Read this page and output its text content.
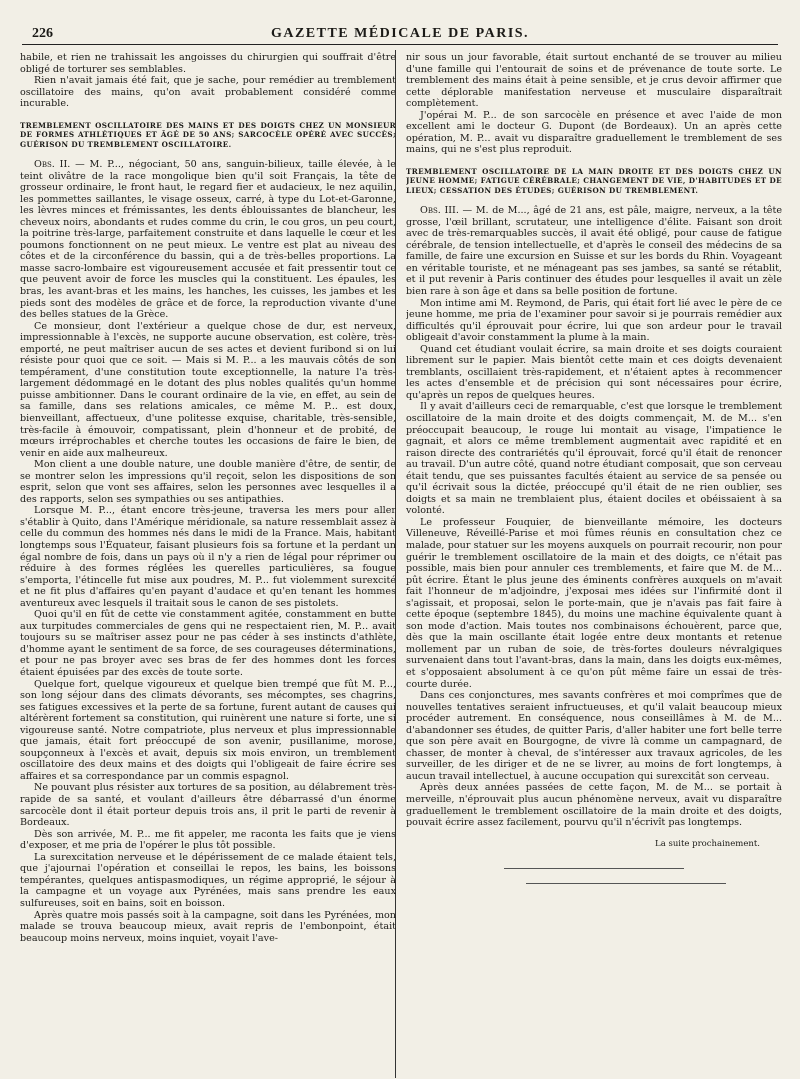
226	GAZETTE MÉDICALE DE PARIS.

habile, et rien ne trahissait les angoisses du chirurgien qui souffrait d'être obligé de torturer ses semblables.

Rien n'avait jamais été fait, que je sache, pour remédier au tremblement oscillatoire des mains, qu'on avait probablement considéré comme incurable.

TREMBLEMENT OSCILLATOIRE DES MAINS ET DES DOIGTS CHEZ UN MONSIEUR DE FORMES ATHLÉTIQUES ET ÂGÉ DE 50 ANS; SARCOCÈLE OPÉRÉ AVEC SUCCÈS; GUÉRISON DU TREMBLEMENT OSCILLATOIRE.

Obs. II. — M. P..., négociant, 50 ans, sanguin-bilieux, taille élevée, à le teint olivâtre de la race mongolique bien qu'il soit Français, la tête de grosseur ordinaire, le front haut, le regard fier et audacieux, le nez aquilin, les pommettes saillantes, le visage osseux, carré, à type du Lot-et-Garonne, les lèvres minces et frémissantes, les dents éblouissantes de blancheur, les cheveux noirs, abondants et rudes comme du crin, le cou gros, un peu court, la poitrine très-large, parfaitement construite et dans laquelle le cœur et les poumons fonctionnent on ne peut mieux. Le ventre est plat au niveau des côtes et de la circonférence du bassin, qui a de très-belles proportions. La masse sacro-lombaire est vigoureusement accusée et fait pressentir tout ce que peuvent avoir de force les muscles qui la constituent. Les épaules, les bras, les avant-bras et les mains, les hanches, les cuisses, les jambes et les pieds sont des modèles de grâce et de force, la reproduction vivante d'une des belles statues de la Grèce.

Ce monsieur, dont l'extérieur a quelque chose de dur, est nerveux, impressionnable à l'excès, ne supporte aucune observation, est colère, très-emporté, ne peut maîtriser aucun de ses actes et devient furibond si on lui résiste pour quoi que ce soit. — Mais si M. P... a les mauvais côtés de son tempérament, d'une constitution toute exceptionnelle, la nature l'a très-largement dédommagé en le dotant des plus nobles qualités qu'un homme puisse ambitionner. Dans le courant ordinaire de la vie, en effet, au sein de sa famille, dans ses relations amicales, ce même M. P... est doux, bienveillant, affectueux, d'une politesse exquise, charitable, très-sensible, très-facile à émouvoir, compatissant, plein d'honneur et de probité, de mœurs irréprochables et cherche toutes les occasions de faire le bien, de venir en aide aux malheureux.

Mon client a une double nature, une double manière d'être, de sentir, de se montrer selon les impressions qu'il reçoit, selon les dispositions de son esprit, selon que vont ses affaires, selon les personnes avec lesquelles il a des rapports, selon ses sympathies ou ses antipathies.

Lorsque M. P..., étant encore très-jeune, traversa les mers pour aller s'établir à Quito, dans l'Amérique méridionale, sa nature ressemblait assez à celle du commun des hommes nés dans le midi de la France. Mais, habitant longtemps sous l'Équateur, faisant plusieurs fois sa fortune et la perdant un égal nombre de fois, dans un pays où il n'y a rien de légal pour réprimer ou réduire à des formes réglées les querelles particulières, sa fougue s'emporta, l'étincelle fut mise aux poudres, M. P... fut violemment surexcité et ne fit plus d'affaires qu'en payant d'audace et qu'en tenant les hommes aventureux avec lesquels il traitait sous le canon de ses pistolets.

Quoi qu'il en fût de cette vie constamment agitée, constamment en butte aux turpitudes commerciales de gens qui ne respectaient rien, M. P... avait toujours su se maîtriser assez pour ne pas céder à ses instincts d'athlète, d'homme ayant le sentiment de sa force, de ses courageuses déterminations, et pour ne pas broyer avec ses bras de fer des hommes dont les forces étaient épuisées par des excès de toute sorte.

Quelque fort, quelque vigoureux et quelque bien trempé que fût M. P..., son long séjour dans des climats dévorants, ses mécomptes, ses chagrins, ses fatigues excessives et la perte de sa fortune, furent autant de causes qui altérèrent fortement sa constitution, qui ruinèrent une nature si forte, une si vigoureuse santé. Notre compatriote, plus nerveux et plus impressionnable que jamais, était fort préoccupé de son avenir, pusillanime, morose, soupçonneux à l'excès et avait, depuis six mois environ, un tremblement oscillatoire des deux mains et des doigts qui l'obligeait de faire écrire ses affaires et sa correspondance par un commis espagnol.

Ne pouvant plus résister aux tortures de sa position, au délabrement très-rapide de sa santé, et voulant d'ailleurs être débarrassé d'un énorme sarcocèle dont il était porteur depuis trois ans, il prit le parti de revenir à Bordeaux.

Dès son arrivée, M. P... me fit appeler, me raconta les faits que je viens d'exposer, et me pria de l'opérer le plus tôt possible.

La surexcitation nerveuse et le dépérissement de ce malade étaient tels, que j'ajournai l'opération et conseillai le repos, les bains, les boissons tempérantes, quelques antispasmodiques, un régime approprié, le séjour à la campagne et un voyage aux Pyrénées, mais sans prendre les eaux sulfureuses, soit en bains, soit en boisson.

Après quatre mois passés soit à la campagne, soit dans les Pyrénées, mon malade se trouva beaucoup mieux, avait repris de l'embonpoint, était beaucoup moins nerveux, moins inquiet, voyait l'ave-

nir sous un jour favorable, était surtout enchanté de se trouver au milieu d'une famille qui l'entourait de soins et de prévenance de toute sorte. Le tremblement des mains était à peine sensible, et je crus devoir affirmer que cette déplorable manifestation nerveuse et musculaire disparaîtrait complètement.

J'opérai M. P... de son sarcocèle en présence et avec l'aide de mon excellent ami le docteur G. Dupont (de Bordeaux). Un an après cette opération, M. P... avait vu disparaître graduellement le tremblement de ses mains, qui ne s'est plus reproduit.

TREMBLEMENT OSCILLATOIRE DE LA MAIN DROITE ET DES DOIGTS CHEZ UN JEUNE HOMME; FATIGUE CÉRÉBRALE; CHANGEMENT DE VIE, D'HABITUDES ET DE LIEUX; CESSATION DES ÉTUDES; GUÉRISON DU TREMBLEMENT.

Obs. III. — M. de M..., âgé de 21 ans, est pâle, maigre, nerveux, a la tête grosse, l'œil brillant, scrutateur, une intelligence d'élite. Faisant son droit avec de très-remarquables succès, il avait été obligé, pour cause de fatigue cérébrale, de tension intellectuelle, et d'après le conseil des médecins de sa famille, de faire une excursion en Suisse et sur les bords du Rhin. Voyageant en véritable touriste, et ne ménageant pas ses jambes, sa santé se rétablit, et il put revenir à Paris continuer des études pour lesquelles il avait un zèle bien rare à son âge et dans sa belle position de fortune.

Mon intime ami M. Reymond, de Paris, qui était fort lié avec le père de ce jeune homme, me pria de l'examiner pour savoir si je pourrais remédier aux difficultés qu'il éprouvait pour écrire, lui que son ardeur pour le travail obligeait d'avoir constamment la plume à la main.

Quand cet étudiant voulait écrire, sa main droite et ses doigts couraient librement sur le papier. Mais bientôt cette main et ces doigts devenaient tremblants, oscillaient très-rapidement, et n'étaient aptes à recommencer les actes d'ensemble et de précision qui sont nécessaires pour écrire, qu'après un repos de quelques heures.

Il y avait d'ailleurs ceci de remarquable, c'est que lorsque le tremblement oscillatoire de la main droite et des doigts commençait, M. de M... s'en préoccupait beaucoup, le rouge lui montait au visage, l'impatience le gagnait, et alors ce même tremblement augmentait avec rapidité et en raison directe des contrariétés qu'il éprouvait, forcé qu'il était de renoncer au travail. D'un autre côté, quand notre étudiant composait, que son cerveau était tendu, que ses puissantes facultés étaient au service de sa pensée ou qu'il écrivait sous la dictée, préoccupé qu'il était de ne rien oublier, ses doigts et sa main ne tremblaient plus, étaient dociles et obéissaient à sa volonté.

Le professeur Fouquier, de bienveillante mémoire, les docteurs Villeneuve, Réveillé-Parise et moi fûmes réunis en consultation chez ce malade, pour statuer sur les moyens auxquels on pourrait recourir, non pour guérir le tremblement oscillatoire de la main et des doigts, ce n'était pas possible, mais bien pour annuler ces tremblements, et faire que M. de M... pût écrire. Étant le plus jeune des éminents confrères auxquels on m'avait fait l'honneur de m'adjoindre, j'exposai mes idées sur l'infirmité dont il s'agissait, et proposai, selon le porte-main, que je n'avais pas fait faire à cette époque (septembre 1845), du moins une machine équivalente quant à son mode d'action. Mais toutes nos combinaisons échouèrent, parce que, dès que la main oscillante était logée entre deux montants et retenue mollement par un ruban de soie, de très-fortes douleurs névralgiques survenaient dans tout l'avant-bras, dans la main, dans les doigts eux-mêmes, et s'opposaient absolument à ce qu'on pût même faire un essai de très-courte durée.

Dans ces conjonctures, mes savants confrères et moi comprîmes que de nouvelles tentatives seraient infructueuses, et qu'il valait beaucoup mieux procéder autrement. En conséquence, nous conseillâmes à M. de M... d'abandonner ses études, de quitter Paris, d'aller habiter une fort belle terre que son père avait en Bourgogne, de vivre là comme un campagnard, de chasser, de monter à cheval, de s'intéresser aux travaux agricoles, de les surveiller, de les diriger et de ne se livrer, au moins de fort longtemps, à aucun travail intellectuel, à aucune occupation qui surexcitât son cerveau.

Après deux années passées de cette façon, M. de M... se portait à merveille, n'éprouvait plus aucun phénomène nerveux, avait vu disparaître graduellement le tremblement oscillatoire de la main droite et des doigts, pouvait écrire assez facilement, pourvu qu'il n'écrivît pas longtemps.

La suite prochainement.
